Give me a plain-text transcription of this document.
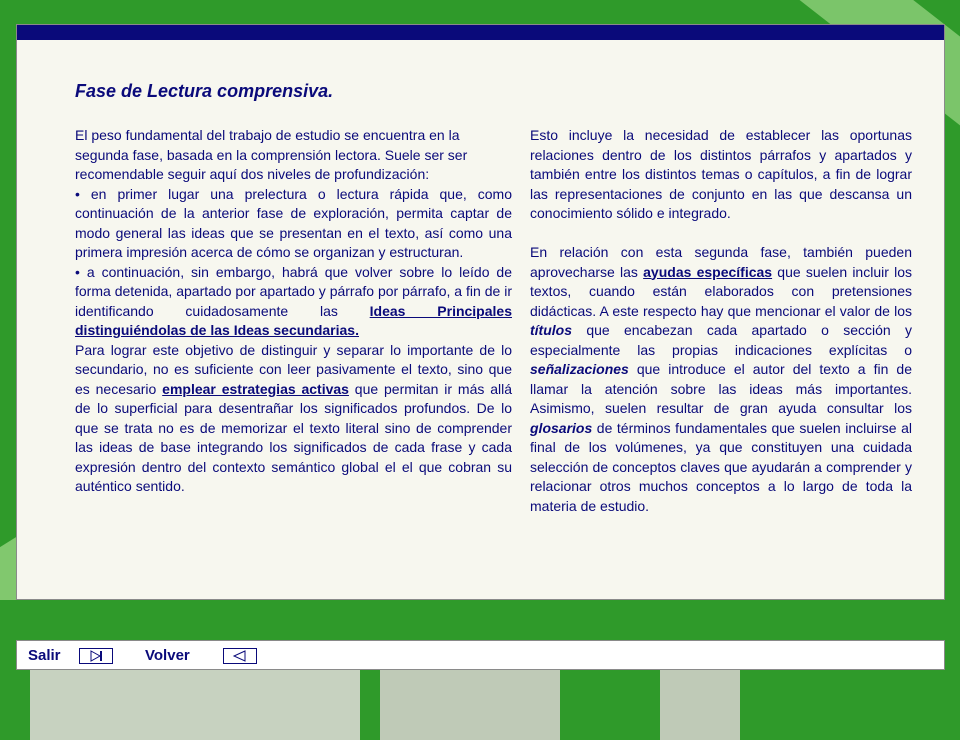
Fase de Lectura comprensiva.

El peso fundamental del trabajo de estudio se encuentra en la segunda fase, basada en la comprensión lectora. Suele ser ser recomendable seguir aquí dos niveles de profundización:

• en primer lugar una prelectura o lectura rápida que, como continuación de la anterior fase de exploración, permita captar de modo general las ideas que se presentan en el texto, así como una primera impresión acerca de cómo se organizan y estructuran.

• a continuación, sin embargo, habrá que volver sobre lo leído de forma detenida, apartado por apartado y párrafo por párrafo, a fin de ir identificando cuidadosamente las Ideas Principales distinguiéndolas de las Ideas secundarias.

Para lograr este objetivo de distinguir y separar lo importante de lo secundario, no es suficiente con leer pasivamente el texto, sino que es necesario emplear estrategias activas que permitan ir más allá de lo superficial para desentrañar los significados profundos. De lo que se trata no es de memorizar el texto literal sino de comprender las ideas de base integrando los significados de cada frase y cada expresión dentro del contexto semántico global el el que cobran su auténtico sentido.

Esto incluye la necesidad de establecer las oportunas relaciones dentro de los distintos párrafos y apartados y también entre los distintos temas o capítulos, a fin de lograr las representaciones de conjunto en las que descansa un conocimiento sólido e integrado.

En relación con esta segunda fase, también pueden aprovecharse las ayudas específicas que suelen incluir los textos, cuando están elaborados con pretensiones didácticas. A este respecto hay que mencionar el valor de los títulos que encabezan cada apartado o sección y especialmente las propias indicaciones explícitas o señalizaciones que introduce el autor del texto a fin de llamar la atención sobre las ideas más importantes. Asimismo, suelen resultar de gran ayuda consultar los glosarios de términos fundamentales que suelen incluirse al final de los volúmenes, ya que constituyen una cuidada selección de conceptos claves que ayudarán a comprender y relacionar otros muchos conceptos a lo largo de toda la materia de estudio.

Salir	Volver
